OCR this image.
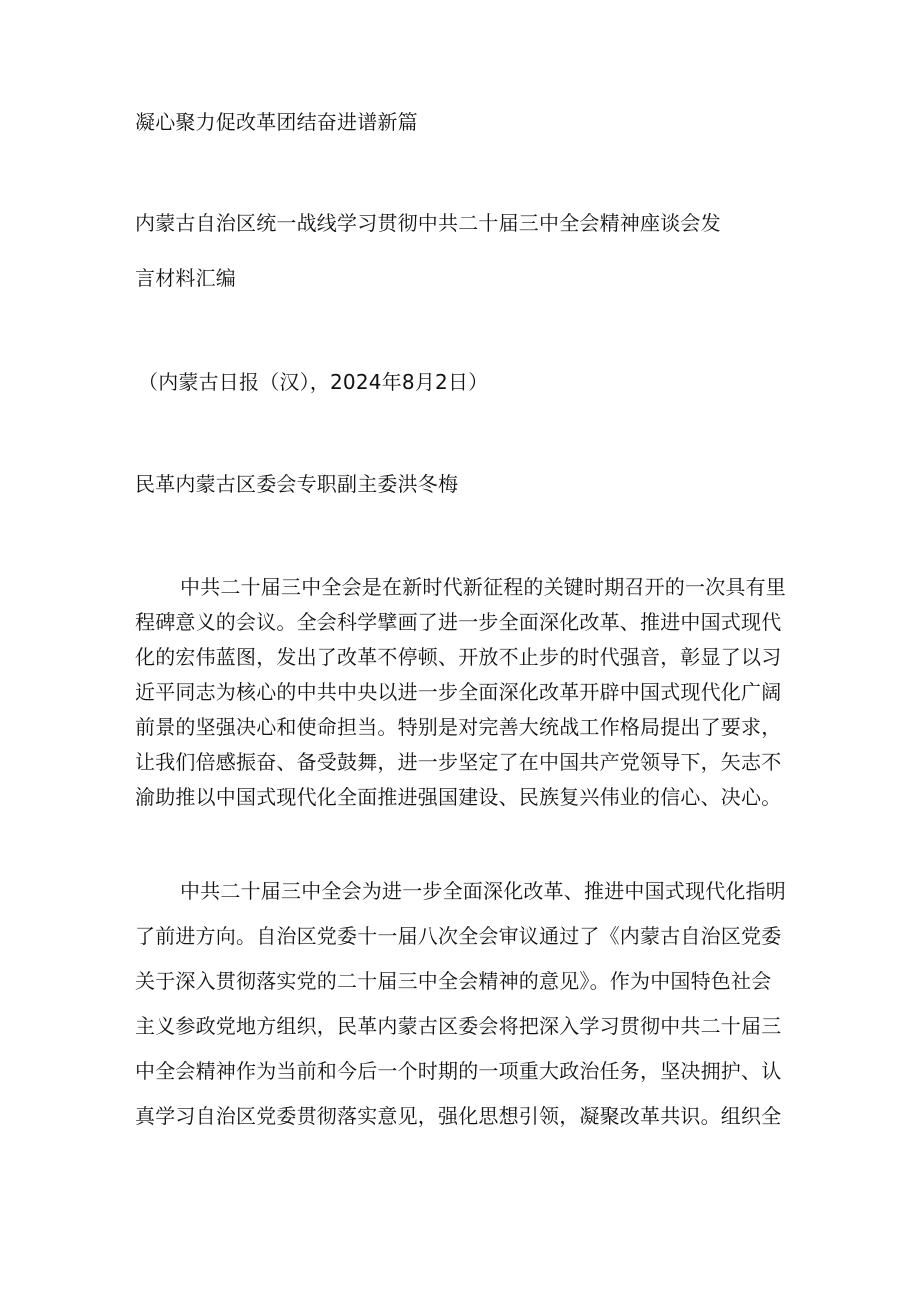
凝心聚力促改革团结奋进谱新篇
内蒙古自治区统一战线学习贯彻中共二十届三中全会精神座谈会发
言材料汇编
（内蒙古日报（汉），2024年8月2日）
民革内蒙古区委会专职副主委洪冬梅
中共二十届三中全会是在新时代新征程的关键时期召开的一次具有里
程碑意义的会议。全会科学擘画了进一步全面深化改革、推进中国式现代
化的宏伟蓝图，发出了改革不停顿、开放不止步的时代强音，彰显了以习
近平同志为核心的中共中央以进一步全面深化改革开辟中国式现代化广阔
前景的坚强决心和使命担当。特别是对完善大统战工作格局提出了要求，
让我们倍感振奋、备受鼓舞，进一步坚定了在中国共产党领导下，矢志不
渝助推以中国式现代化全面推进强国建设、民族复兴伟业的信心、决心。
中共二十届三中全会为进一步全面深化改革、推进中国式现代化指明
了前进方向。自治区党委十一届八次全会审议通过了《内蒙古自治区党委
关于深入贯彻落实党的二十届三中全会精神的意见》。作为中国特色社会
主义参政党地方组织，民革内蒙古区委会将把深入学习贯彻中共二十届三
中全会精神作为当前和今后一个时期的一项重大政治任务，坚决拥护、认
真学习自治区党委贯彻落实意见，强化思想引领，凝聚改革共识。组织全
